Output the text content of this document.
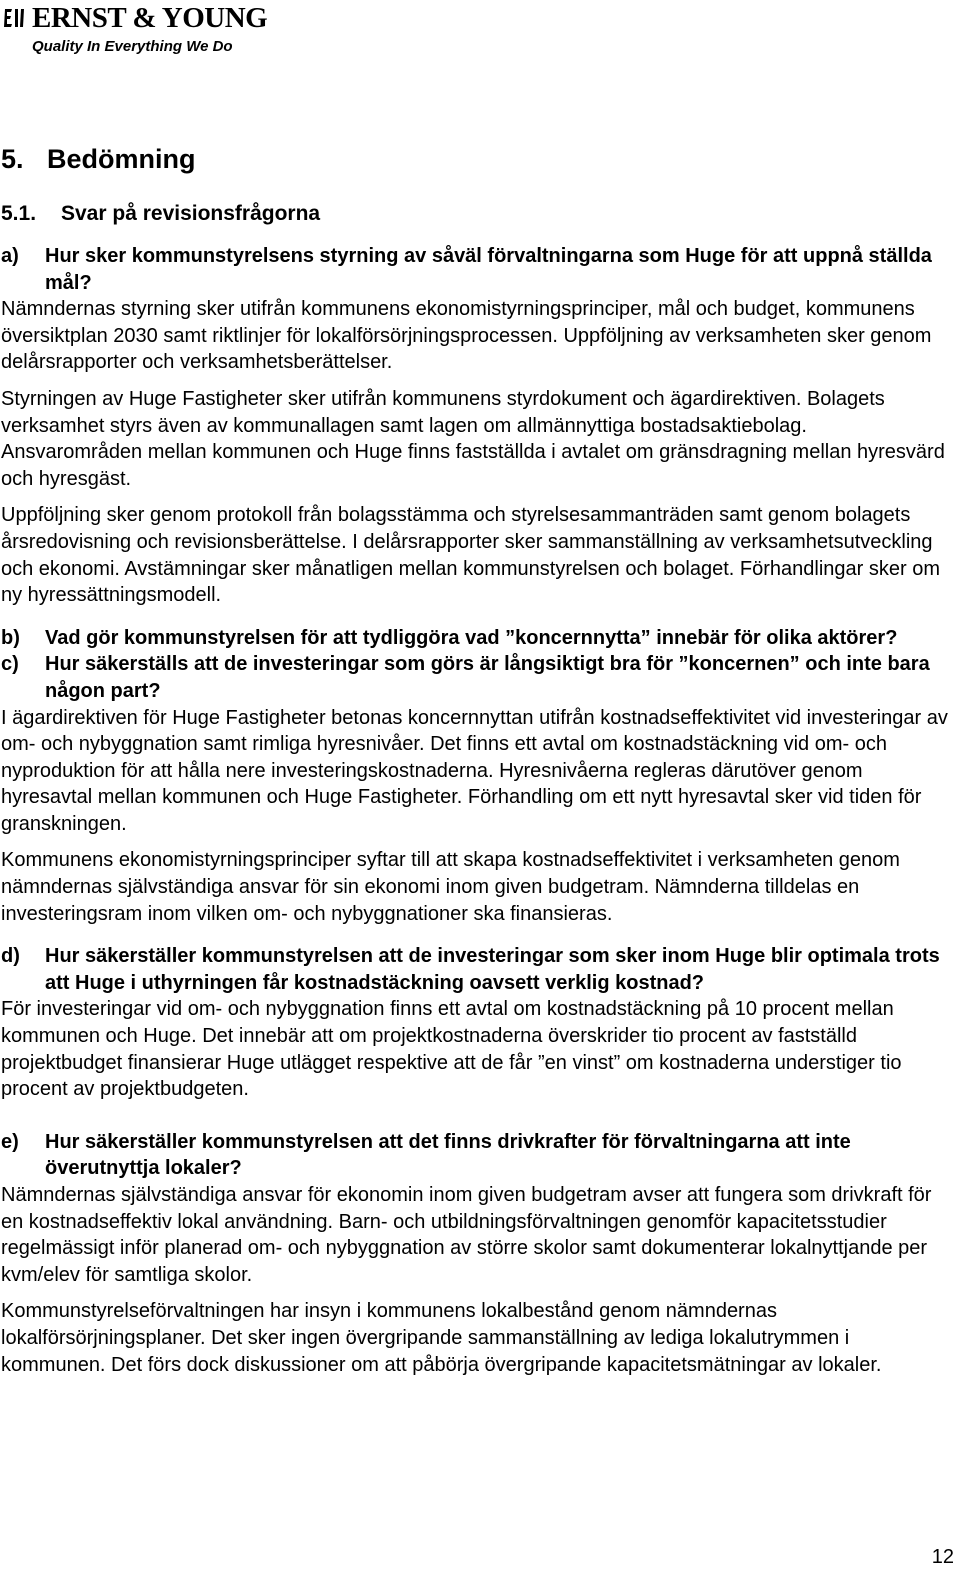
ERNST & YOUNG
Quality In Everything We Do
5. Bedömning
5.1.	Svar på revisionsfrågorna
a)	Hur sker kommunstyrelsens styrning av såväl förvaltningarna som Huge för att uppnå ställda mål?

Nämndernas styrning sker utifrån kommunens ekonomistyrningsprinciper, mål och budget, kommunens översiktplan 2030 samt riktlinjer för lokalförsörjningsprocessen. Uppföljning av verksamheten sker genom delårsrapporter och verksamhetsberättelser.

Styrningen av Huge Fastigheter sker utifrån kommunens styrdokument och ägardirektiven. Bolagets verksamhet styrs även av kommunallagen samt lagen om allmännyttiga bostadsaktiebolag. Ansvarområden mellan kommunen och Huge finns fastställda i avtalet om gränsdragning mellan hyresvärd och hyresgäst.

Uppföljning sker genom protokoll från bolagsstämma och styrelsesammanträden samt genom bolagets årsredovisning och revisionsberättelse. I delårsrapporter sker sammanställning av verksamhetsutveckling och ekonomi. Avstämningar sker månatligen mellan kommunstyrelsen och bolaget. Förhandlingar sker om ny hyressättningsmodell.

b)	Vad gör kommunstyrelsen för att tydliggöra vad ”koncernnytta” innebär för olika aktörer?
c)	Hur säkerställs att de investeringar som görs är långsiktigt bra för ”koncernen” och inte bara någon part?

I ägardirektiven för Huge Fastigheter betonas koncernnyttan utifrån kostnadseffektivitet vid investeringar av om- och nybyggnation samt rimliga hyresnivåer. Det finns ett avtal om kostnadstäckning vid om- och nyproduktion för att hålla nere investeringskostnaderna. Hyresnivåerna regleras därutöver genom hyresavtal mellan kommunen och Huge Fastigheter. Förhandling om ett nytt hyresavtal sker vid tiden för granskningen.

Kommunens ekonomistyrningsprinciper syftar till att skapa kostnadseffektivitet i verksamheten genom nämndernas självständiga ansvar för sin ekonomi inom given budgetram. Nämnderna tilldelas en investeringsram inom vilken om- och nybyggnationer ska finansieras.

d)	Hur säkerställer kommunstyrelsen att de investeringar som sker inom Huge blir optimala trots att Huge i uthyrningen får kostnadstäckning oavsett verklig kostnad?

För investeringar vid om- och nybyggnation finns ett avtal om kostnadstäckning på 10 procent mellan kommunen och Huge. Det innebär att om projektkostnaderna överskrider tio procent av fastställd projektbudget finansierar Huge utlägget respektive att de får ”en vinst” om kostnaderna understiger tio procent av projektbudgeten.

e)	Hur säkerställer kommunstyrelsen att det finns drivkrafter för förvaltningarna att inte överutnyttja lokaler?

Nämndernas självständiga ansvar för ekonomin inom given budgetram avser att fungera som drivkraft för en kostnadseffektiv lokal användning. Barn- och utbildningsförvaltningen genomför kapacitetsstudier regelmässigt inför planerad om- och nybyggnation av större skolor samt dokumenterar lokalnyttjande per kvm/elev för samtliga skolor.

Kommunstyrelseförvaltningen har insyn i kommunens lokalbestånd genom nämndernas lokalförsörjningsplaner. Det sker ingen övergripande sammanställning av lediga lokalutrymmen i kommunen. Det förs dock diskussioner om att påbörja övergripande kapacitetsmätningar av lokaler.

12
